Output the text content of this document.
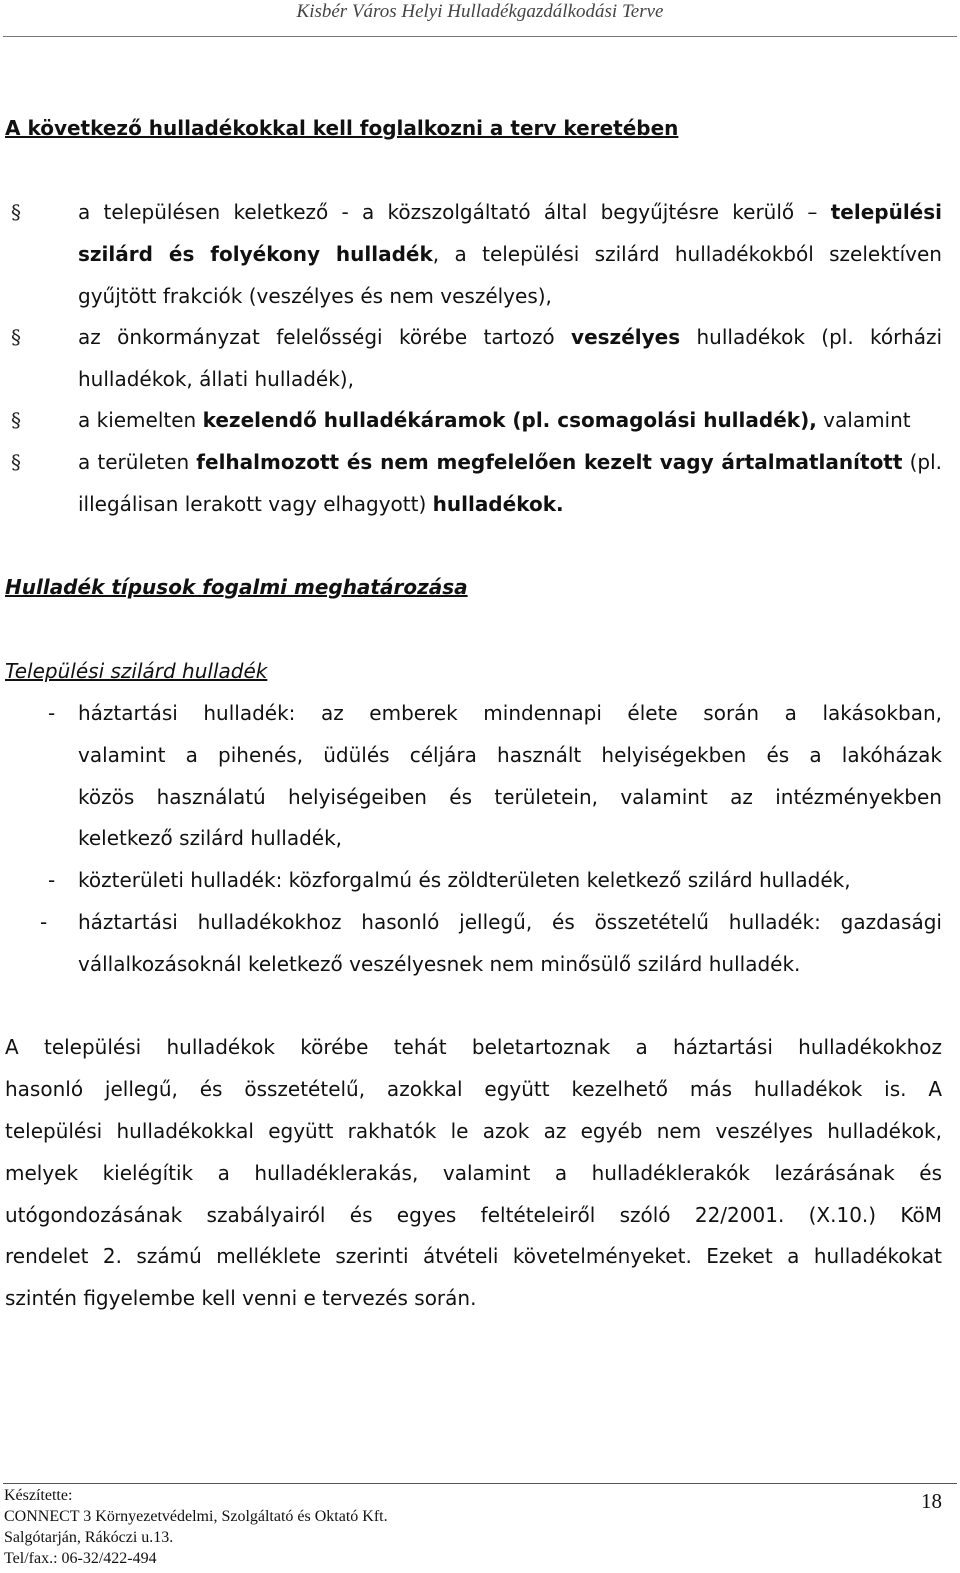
Kisbér Város Helyi Hulladékgazdálkodási Terve
A következő hulladékokkal kell foglalkozni a terv keretében
§
§
§
§
a településen keletkező - a közszolgáltató által begyűjtésre kerülő – települési
szilárd és folyékony hulladék, a települési szilárd hulladékokból szelektíven
gyűjtött frakciók (veszélyes és nem veszélyes),
az önkormányzat felelősségi körébe tartozó veszélyes hulladékok (pl. kórházi
hulladékok, állati hulladék),
a kiemelten kezelendő hulladékáramok (pl. csomagolási hulladék), valamint
a területen felhalmozott és nem megfelelően kezelt vagy ártalmatlanított (pl.
illegálisan lerakott vagy elhagyott) hulladékok.
Hulladék típusok fogalmi meghatározása
Települési szilárd hulladék
-
-
-
háztartási hulladék: az emberek mindennapi élete során a lakásokban,
valamint a pihenés, üdülés céljára használt helyiségekben és a lakóházak
közös használatú helyiségeiben és területein, valamint az intézményekben
keletkező szilárd hulladék,
közterületi hulladék: közforgalmú és zöldterületen keletkező szilárd hulladék,
háztartási hulladékokhoz hasonló jellegű, és összetételű hulladék: gazdasági
vállalkozásoknál keletkező veszélyesnek nem minősülő szilárd hulladék.
A települési hulladékok körébe tehát beletartoznak a háztartási hulladékokhoz
hasonló jellegű, és összetételű, azokkal együtt kezelhető más hulladékok is. A
települési hulladékokkal együtt rakhatók le azok az egyéb nem veszélyes hulladékok,
melyek kielégítik a hulladéklerakás, valamint a hulladéklerakók lezárásának és
utógondozásának szabályairól és egyes feltételeiről szóló 22/2001. (X.10.) KöM
rendelet 2. számú melléklete szerinti átvételi követelményeket. Ezeket a hulladékokat
szintén figyelembe kell venni e tervezés során.
Készítette:
CONNECT 3 Környezetvédelmi, Szolgáltató és Oktató Kft.
Salgótarján, Rákóczi u.13.
Tel/fax.: 06-32/422-494
18
